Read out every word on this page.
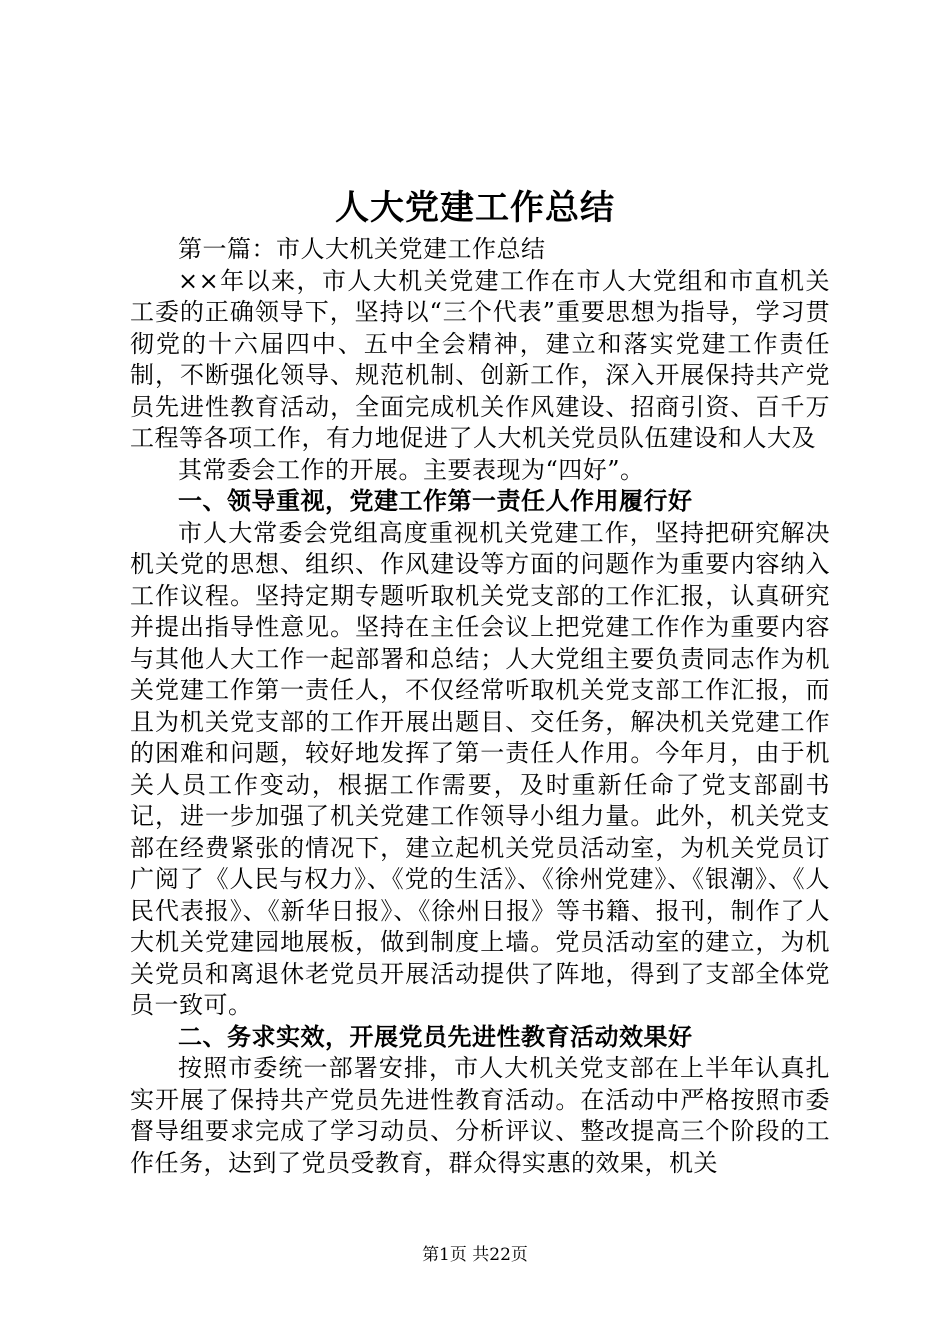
人大党建工作总结

第一篇：市人大机关党建工作总结

××年以来，市人大机关党建工作在市人大党组和市直机关工委的正确领导下，坚持以“三个代表”重要思想为指导，学习贯彻党的十六届四中、五中全会精神，建立和落实党建工作责任制，不断强化领导、规范机制、创新工作，深入开展保持共产党员先进性教育活动，全面完成机关作风建设、招商引资、百千万工程等各项工作，有力地促进了人大机关党员队伍建设和人大及

其常委会工作的开展。主要表现为“四好”。

一、领导重视，党建工作第一责任人作用履行好

市人大常委会党组高度重视机关党建工作，坚持把研究解决机关党的思想、组织、作风建设等方面的问题作为重要内容纳入工作议程。坚持定期专题听取机关党支部的工作汇报，认真研究并提出指导性意见。坚持在主任会议上把党建工作作为重要内容与其他人大工作一起部署和总结；人大党组主要负责同志作为机关党建工作第一责任人，不仅经常听取机关党支部工作汇报，而且为机关党支部的工作开展出题目、交任务，解决机关党建工作的困难和问题，较好地发挥了第一责任人作用。今年月，由于机关人员工作变动，根据工作需要，及时重新任命了党支部副书记，进一步加强了机关党建工作领导小组力量。此外，机关党支部在经费紧张的情况下，建立起机关党员活动室，为机关党员订广阅了《人民与权力》、《党的生活》、《徐州党建》、《银潮》、《人民代表报》、《新华日报》、《徐州日报》等书籍、报刊，制作了人大机关党建园地展板，做到制度上墙。党员活动室的建立，为机关党员和离退休老党员开展活动提供了阵地，得到了支部全体党员一致可。

二、务求实效，开展党员先进性教育活动效果好

按照市委统一部署安排，市人大机关党支部在上半年认真扎实开展了保持共产党员先进性教育活动。在活动中严格按照市委督导组要求完成了学习动员、分析评议、整改提高三个阶段的工作任务，达到了党员受教育，群众得实惠的效果，机关

第1页 共22页
